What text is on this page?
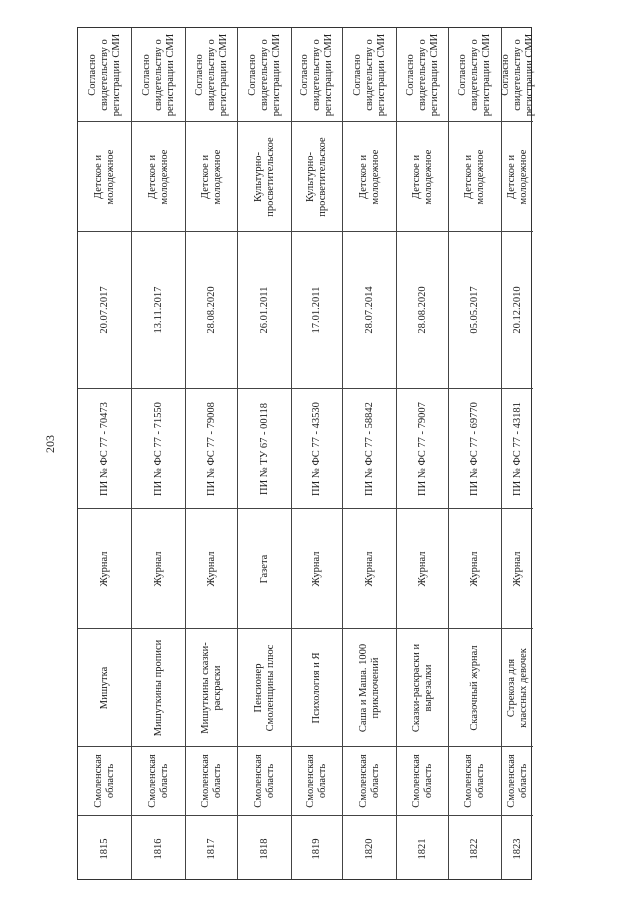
203
Согласно свидетельству о регистрации СМИ
Детское и молодежное
20.07.2017
ПИ № ФС 77 - 70473
Журнал
Мишутка
Смоленская область
1815
Согласно свидетельству о регистрации СМИ
Детское и молодежное
13.11.2017
ПИ № ФС 77 - 71550
Журнал
Мишуткины прописи
Смоленская область
1816
Согласно свидетельству о регистрации СМИ
Детское и молодежное
28.08.2020
ПИ № ФС 77 - 79008
Журнал
Мишуткины сказки-раскраски
Смоленская область
1817
Согласно свидетельству о регистрации СМИ
Культурно-просветительское
26.01.2011
ПИ № ТУ 67 - 00118
Газета
Пенсионер Смоленщины плюс
Смоленская область
1818
Согласно свидетельству о регистрации СМИ
Культурно-просветительское
17.01.2011
ПИ № ФС 77 - 43530
Журнал
Психология и Я
Смоленская область
1819
Согласно свидетельству о регистрации СМИ
Детское и молодежное
28.07.2014
ПИ № ФС 77 - 58842
Журнал
Саша и Маша. 1000 приключений
Смоленская область
1820
Согласно свидетельству о регистрации СМИ
Детское и молодежное
28.08.2020
ПИ № ФС 77 - 79007
Журнал
Сказки-раскраски и вырезалки
Смоленская область
1821
Согласно свидетельству о регистрации СМИ
Детское и молодежное
05.05.2017
ПИ № ФС 77 - 69770
Журнал
Сказочный журнал
Смоленская область
1822
Согласно свидетельству о регистрации СМИ
Детское и молодежное
20.12.2010
ПИ № ФС 77 - 43181
Журнал
Стрекоза для классных девочек
Смоленская область
1823
